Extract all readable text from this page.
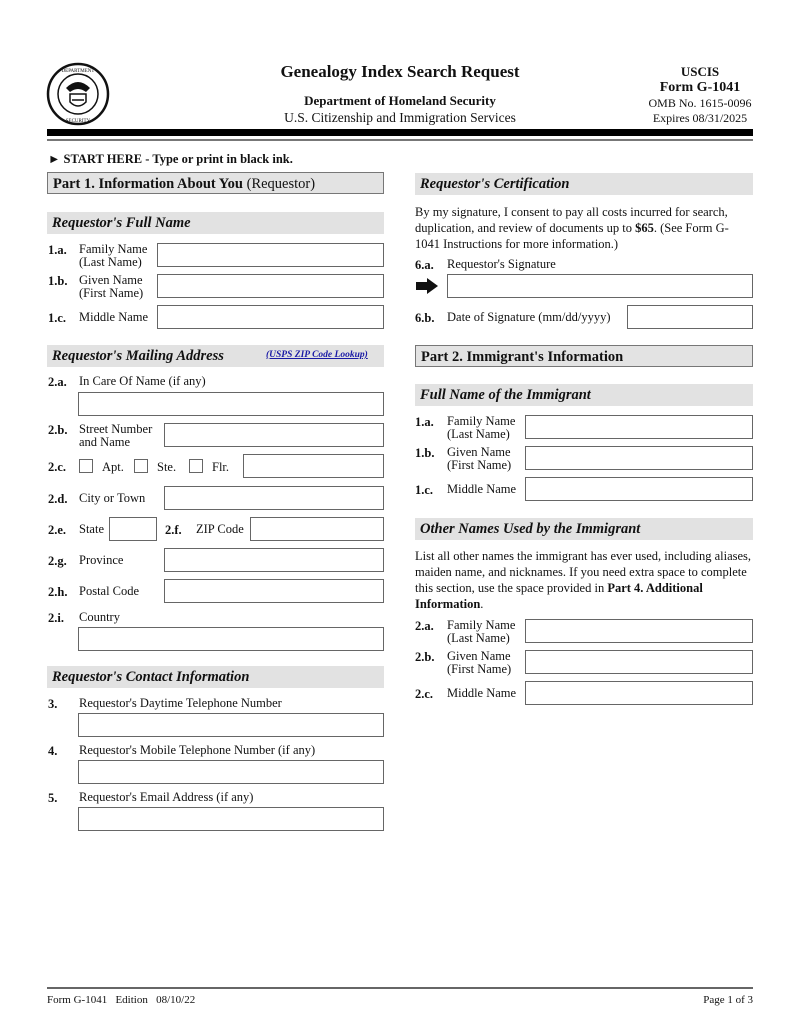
DEPARTMENT
SECURITY
Genealogy Index Search Request
Department of Homeland Security
U.S. Citizenship and Immigration Services
USCIS
Form G-1041
OMB No. 1615-0096
Expires 08/31/2025
► START HERE - Type or print in black ink.
Part 1. Information About You (Requestor)
Requestor's Full Name
1.a. Family Name
(Last Name)
1.b. Given Name
(First Name)
1.c. Middle Name
Requestor's Mailing Address	(USPS ZIP Code Lookup)
2.a. In Care Of Name (if any)
2.b. Street Number
and Name
2.c.	Apt.	Ste.	Flr.
2.d. City or Town
2.e. State	2.f. ZIP Code
2.g. Province
2.h. Postal Code
2.i. Country
Requestor's Contact Information
3. Requestor's Daytime Telephone Number
4. Requestor's Mobile Telephone Number (if any)
5. Requestor's Email Address (if any)
Requestor's Certification
By my signature, I consent to pay all costs incurred for search, duplication, and review of documents up to $65. (See Form G-1041 Instructions for more information.)
6.a. Requestor's Signature
6.b. Date of Signature (mm/dd/yyyy)
Part 2. Immigrant's Information
Full Name of the Immigrant
1.a. Family Name
(Last Name)
1.b. Given Name
(First Name)
1.c. Middle Name
Other Names Used by the Immigrant
List all other names the immigrant has ever used, including aliases, maiden name, and nicknames. If you need extra space to complete this section, use the space provided in Part 4. Additional Information.
2.a. Family Name
(Last Name)
2.b. Given Name
(First Name)
2.c. Middle Name
Form G-1041   Edition   08/10/22	Page 1 of 3
